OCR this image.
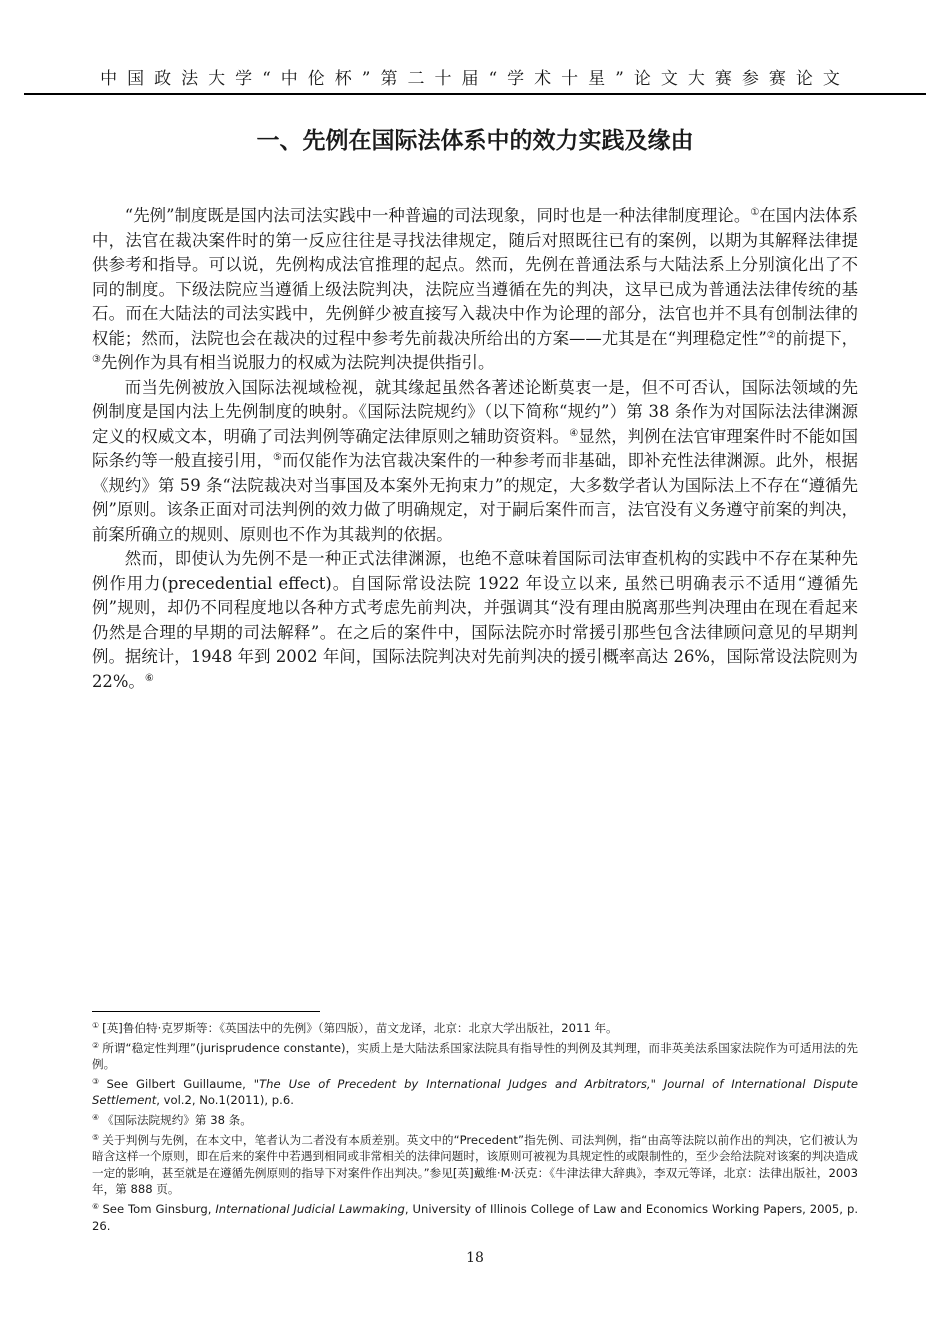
中国政法大学“中伦杯”第二十届“学术十星”论文大赛参赛论文
一、先例在国际法体系中的效力实践及缘由

“先例”制度既是国内法司法实践中一种普遍的司法现象，同时也是一种法律制度理论。①在国内法体系中，法官在裁决案件时的第一反应往往是寻找法律规定，随后对照既往已有的案例，以期为其解释法律提供参考和指导。可以说，先例构成法官推理的起点。然而，先例在普通法系与大陆法系上分别演化出了不同的制度。下级法院应当遵循上级法院判决，法院应当遵循在先的判决，这早已成为普通法法律传统的基石。而在大陆法的司法实践中，先例鲜少被直接写入裁决中作为论理的部分，法官也并不具有创制法律的权能；然而，法院也会在裁决的过程中参考先前裁决所给出的方案——尤其是在“判理稳定性”②的前提下，③先例作为具有相当说服力的权威为法院判决提供指引。

而当先例被放入国际法视域检视，就其缘起虽然各著述论断莫衷一是，但不可否认，国际法领域的先例制度是国内法上先例制度的映射。《国际法院规约》（以下简称“规约”）第 38 条作为对国际法法律渊源定义的权威文本，明确了司法判例等确定法律原则之辅助资资料。④显然，判例在法官审理案件时不能如国际条约等一般直接引用，⑤而仅能作为法官裁决案件的一种参考而非基础，即补充性法律渊源。此外，根据《规约》第 59 条“法院裁决对当事国及本案外无拘束力”的规定，大多数学者认为国际法上不存在“遵循先例”原则。该条正面对司法判例的效力做了明确规定，对于嗣后案件而言，法官没有义务遵守前案的判决，前案所确立的规则、原则也不作为其裁判的依据。

然而，即使认为先例不是一种正式法律渊源，也绝不意味着国际司法审查机构的实践中不存在某种先例作用力(precedential effect)。自国际常设法院 1922 年设立以来, 虽然已明确表示不适用“遵循先例”规则，却仍不同程度地以各种方式考虑先前判决，并强调其“没有理由脱离那些判决理由在现在看起来仍然是合理的早期的司法解释”。在之后的案件中，国际法院亦时常援引那些包含法律顾问意见的早期判例。据统计，1948 年到 2002 年间，国际法院判决对先前判决的援引概率高达 26%，国际常设法院则为 22%。⑥

① [英]鲁伯特·克罗斯等：《英国法中的先例》（第四版），苗文龙译，北京：北京大学出版社，2011 年。
② 所谓“稳定性判理”(jurisprudence constante)，实质上是大陆法系国家法院具有指导性的判例及其判理，而非英美法系国家法院作为可适用法的先例。
③ See Gilbert Guillaume, "The Use of Precedent by International Judges and Arbitrators," Journal of International Dispute Settlement, vol.2, No.1(2011), p.6.
④ 《国际法院规约》第 38 条。
⑤ 关于判例与先例，在本文中，笔者认为二者没有本质差别。英文中的“Precedent”指先例、司法判例，指“由高等法院以前作出的判决，它们被认为暗含这样一个原则，即在后来的案件中若遇到相同或非常相关的法律问题时，该原则可被视为具规定性的或限制性的，至少会给法院对该案的判决造成一定的影响，甚至就是在遵循先例原则的指导下对案件作出判决。”参见[英]戴维·M·沃克：《牛津法律大辞典》，李双元等译，北京：法律出版社，2003 年，第 888 页。
⑥ See Tom Ginsburg, International Judicial Lawmaking, University of Illinois College of Law and Economics Working Papers, 2005, p. 26.
18
